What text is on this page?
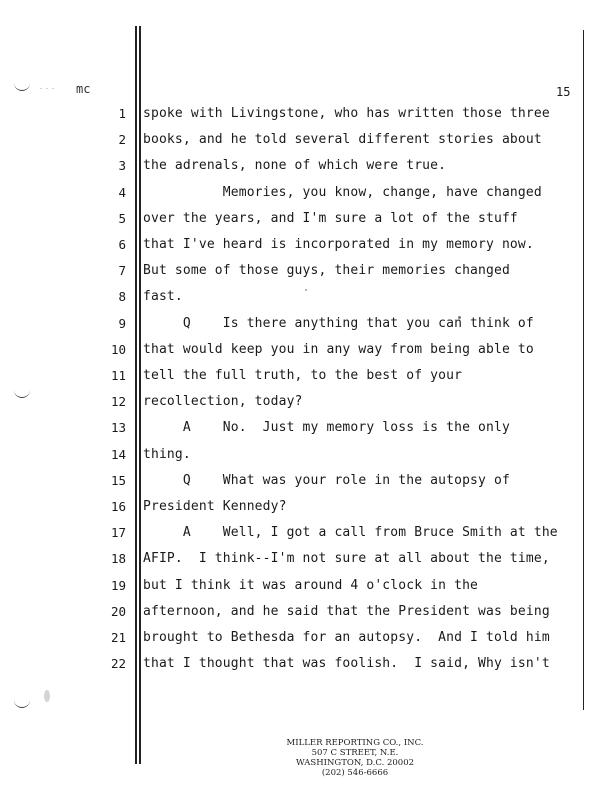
mc	15
1 spoke with Livingstone, who has written those three
2 books, and he told several different stories about
3 the adrenals, none of which were true.
4 Memories, you know, change, have changed
5 over the years, and I'm sure a lot of the stuff
6 that I've heard is incorporated in my memory now.
7 But some of those guys, their memories changed
8 fast.
9 Q    Is there anything that you can think of
10 that would keep you in any way from being able to
11 tell the full truth, to the best of your
12 recollection, today?
13 A    No.  Just my memory loss is the only
14 thing.
15 Q    What was your role in the autopsy of
16 President Kennedy?
17 A    Well, I got a call from Bruce Smith at the
18 AFIP.  I think--I'm not sure at all about the time,
19 but I think it was around 4 o'clock in the
20 afternoon, and he said that the President was being
21 brought to Bethesda for an autopsy.  And I told him
22 that I thought that was foolish.  I said, Why isn't
MILLER REPORTING CO., INC.
507 C STREET, N.E.
WASHINGTON, D.C. 20002
(202) 546-6666
